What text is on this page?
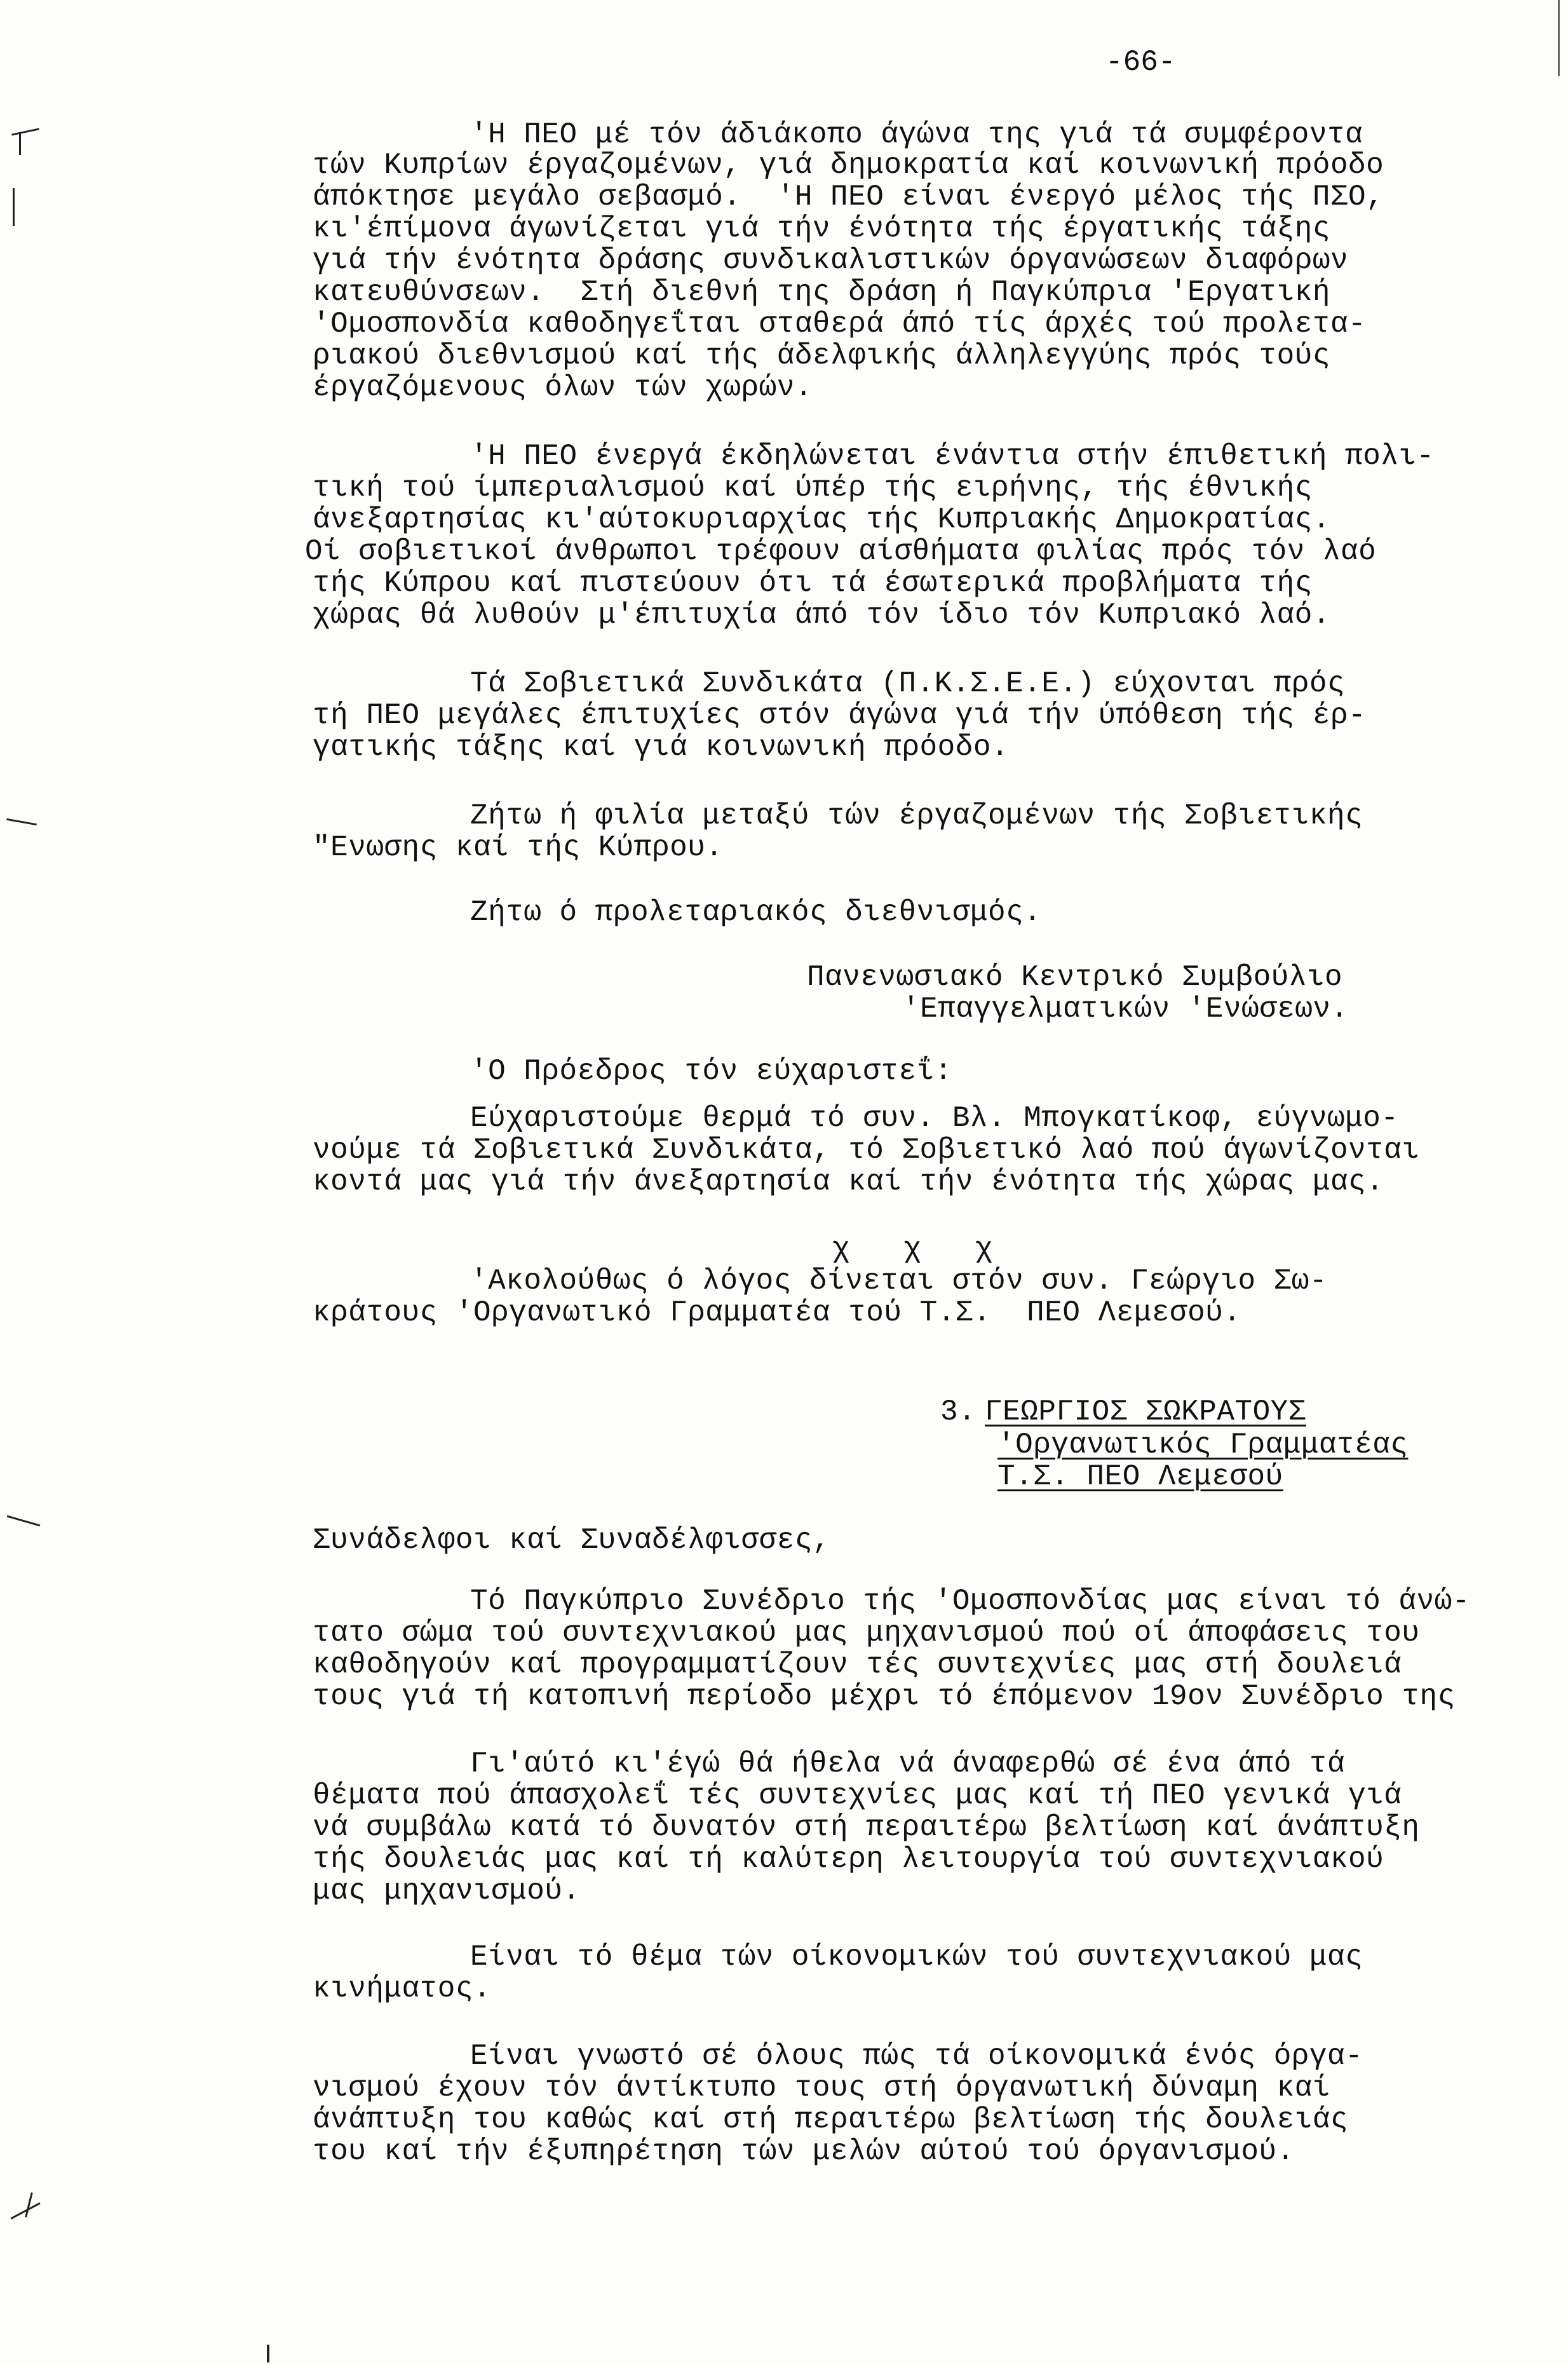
-66-
'Η ΠΕΟ μέ τόν άδιάκοπο άγώνα της γιά τά συμφέροντα
τών Κυπρίων έργαζομένων, γιά δημοκρατία καί κοινωνική πρόοδο
άπόκτησε μεγάλο σεβασμό.  'Η ΠΕΟ είναι ένεργό μέλος τής ΠΣΟ,
κι'έπίμονα άγωνίζεται γιά τήν ένότητα τής έργατικής τάξης
γιά τήν ένότητα δράσης συνδικαλιστικών όργανώσεων διαφόρων
κατευθύνσεων.  Στή διεθνή της δράση ή Παγκύπρια 'Εργατική
'Ομοσπονδία καθοδηγεΐται σταθερά άπό τίς άρχές τού προλετα-
ριακού διεθνισμού καί τής άδελφικής άλληλεγγύης πρός τούς
έργαζόμενους όλων τών χωρών.
'Η ΠΕΟ ένεργά έκδηλώνεται ένάντια στήν έπιθετική πολι-
τική τού ίμπεριαλισμού καί ύπέρ τής ειρήνης, τής έθνικής
άνεξαρτησίας κι'αύτοκυριαρχίας τής Κυπριακής Δημοκρατίας.
Οί σοβιετικοί άνθρωποι τρέφουν αίσθήματα φιλίας πρός τόν λαό
τής Κύπρου καί πιστεύουν ότι τά έσωτερικά προβλήματα τής
χώρας θά λυθούν μ'έπιτυχία άπό τόν ίδιο τόν Κυπριακό λαό.
Τά Σοβιετικά Συνδικάτα (Π.Κ.Σ.Ε.Ε.) εύχονται πρός
τή ΠΕΟ μεγάλες έπιτυχίες στόν άγώνα γιά τήν ύπόθεση τής έρ-
γατικής τάξης καί γιά κοινωνική πρόοδο.
Ζήτω ή φιλία μεταξύ τών έργαζομένων τής Σοβιετικής
"Ενωσης καί τής Κύπρου.
Ζήτω ό προλεταριακός διεθνισμός.
Πανενωσιακό Κεντρικό Συμβούλιο
'Επαγγελματικών 'Ενώσεων.
'Ο Πρόεδρος τόν εύχαριστεΐ:
Εύχαριστούμε θερμά τό συν. Βλ. Μπογκατίκοφ, εύγνωμο-
νούμε τά Σοβιετικά Συνδικάτα, τό Σοβιετικό λαό πού άγωνίζονται
κοντά μας γιά τήν άνεξαρτησία καί τήν ένότητα τής χώρας μας.
χ   χ   χ
'Ακολούθως ό λόγος δίνεται στόν συν. Γεώργιο Σω-
κράτους 'Οργανωτικό Γραμματέα τού Τ.Σ.  ΠΕΟ Λεμεσού.
3. ΓΕΩΡΓΙΟΣ ΣΩΚΡΑΤΟΥΣ
'Οργανωτικός Γραμματέας
Τ.Σ. ΠΕΟ Λεμεσού
Συνάδελφοι καί Συναδέλφισσες,
Τό Παγκύπριο Συνέδριο τής 'Ομοσπονδίας μας είναι τό άνώ-
τατο σώμα τού συντεχνιακού μας μηχανισμού πού οί άποφάσεις του
καθοδηγούν καί προγραμματίζουν τές συντεχνίες μας στή δουλειά
τους γιά τή κατοπινή περίοδο μέχρι τό έπόμενον 19ον Συνέδριο της
Γι'αύτό κι'έγώ θά ήθελα νά άναφερθώ σέ ένα άπό τά
θέματα πού άπασχολεΐ τές συντεχνίες μας καί τή ΠΕΟ γενικά γιά
νά συμβάλω κατά τό δυνατόν στή περαιτέρω βελτίωση καί άνάπτυξη
τής δουλειάς μας καί τή καλύτερη λειτουργία τού συντεχνιακού
μας μηχανισμού.
Είναι τό θέμα τών οίκονομικών τού συντεχνιακού μας
κινήματος.
Είναι γνωστό σέ όλους πώς τά οίκονομικά ένός όργα-
νισμού έχουν τόν άντίκτυπο τους στή όργανωτική δύναμη καί
άνάπτυξη του καθώς καί στή περαιτέρω βελτίωση τής δουλειάς
του καί τήν έξυπηρέτηση τών μελών αύτού τού όργανισμού.
